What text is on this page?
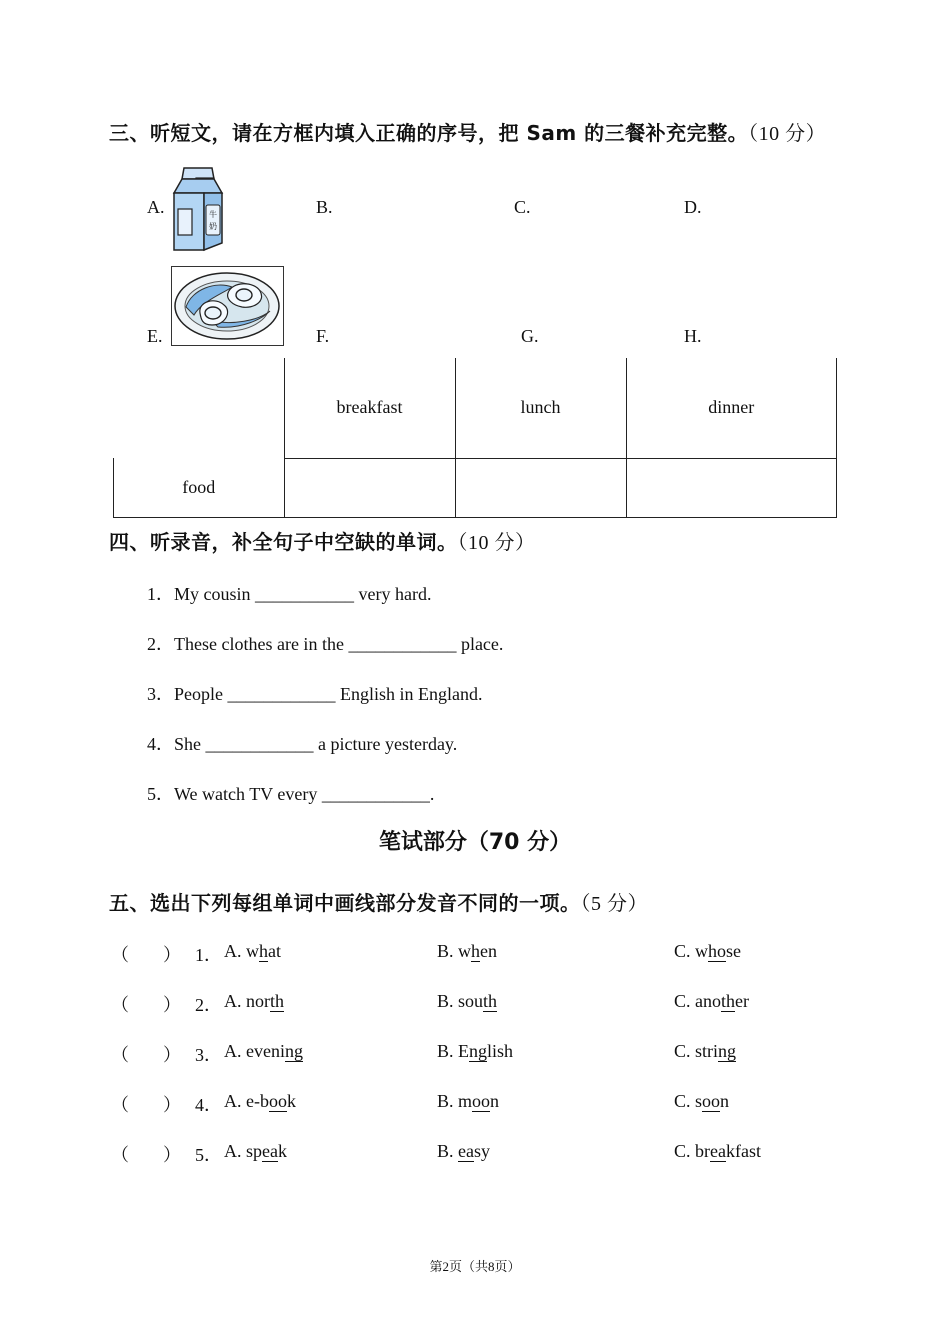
三、听短文，请在方框内填入正确的序号，把 Sam 的三餐补充完整。（10 分）
A.	B.	C.	D.
E.	F.	G.	H.
牛
奶
	breakfast	lunch	dinner
food			
四、听录音，补全句子中空缺的单词。（10 分）
1．My cousin ___________ very hard.
2．These clothes are in the ____________ place.
3．People ____________ English in England.
4．She ____________ a picture yesterday.
5．We watch TV every ____________.
笔试部分（70 分）
五、选出下列每组单词中画线部分发音不同的一项。（5 分）
（ ） 1． A. what	B. when	C. whose
（ ） 2． A. north	B. south	C. another
（ ） 3． A. evening	B. English	C. string
（ ） 4． A. e-book	B. moon	C. soon
（ ） 5． A. speak	B. easy	C. breakfast
第2页（共8页）
